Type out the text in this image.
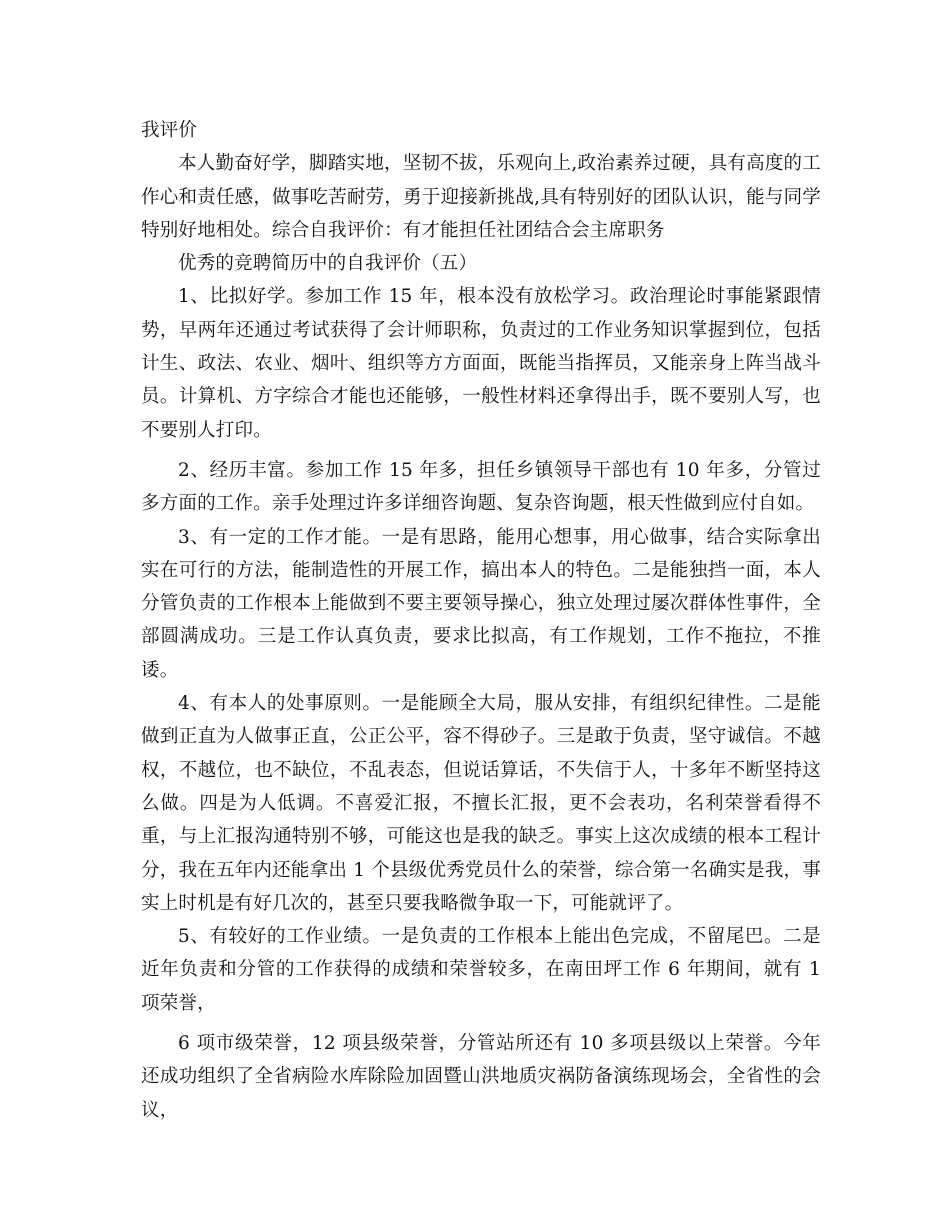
我评价

本人勤奋好学，脚踏实地，坚韧不拔，乐观向上,政治素养过硬，具有高度的工作心和责任感，做事吃苦耐劳，勇于迎接新挑战,具有特别好的团队认识，能与同学特别好地相处。综合自我评价：有才能担任社团结合会主席职务

优秀的竞聘简历中的自我评价（五）

1、比拟好学。参加工作 15 年，根本没有放松学习。政治理论时事能紧跟情势，早两年还通过考试获得了会计师职称，负责过的工作业务知识掌握到位，包括计生、政法、农业、烟叶、组织等方方面面，既能当指挥员，又能亲身上阵当战斗员。计算机、方字综合才能也还能够，一般性材料还拿得出手，既不要别人写，也不要别人打印。

2、经历丰富。参加工作 15 年多，担任乡镇领导干部也有 10 年多，分管过多方面的工作。亲手处理过许多详细咨询题、复杂咨询题，根天性做到应付自如。

3、有一定的工作才能。一是有思路，能用心想事，用心做事，结合实际拿出实在可行的方法，能制造性的开展工作，搞出本人的特色。二是能独挡一面，本人分管负责的工作根本上能做到不要主要领导操心，独立处理过屡次群体性事件，全部圆满成功。三是工作认真负责，要求比拟高，有工作规划，工作不拖拉，不推诿。

4、有本人的处事原则。一是能顾全大局，服从安排，有组织纪律性。二是能做到正直为人做事正直，公正公平，容不得砂子。三是敢于负责，坚守诚信。不越权，不越位，也不缺位，不乱表态，但说话算话，不失信于人，十多年不断坚持这么做。四是为人低调。不喜爱汇报，不擅长汇报，更不会表功，名利荣誉看得不重，与上汇报沟通特别不够，可能这也是我的缺乏。事实上这次成绩的根本工程计分，我在五年内还能拿出 1 个县级优秀党员什么的荣誉，综合第一名确实是我，事实上时机是有好几次的，甚至只要我略微争取一下，可能就评了。

5、有较好的工作业绩。一是负责的工作根本上能出色完成，不留尾巴。二是近年负责和分管的工作获得的成绩和荣誉较多，在南田坪工作 6 年期间，就有 1 项荣誉，

6 项市级荣誉，12 项县级荣誉，分管站所还有 10 多项县级以上荣誉。今年还成功组织了全省病险水库除险加固暨山洪地质灾祸防备演练现场会，全省性的会议，
